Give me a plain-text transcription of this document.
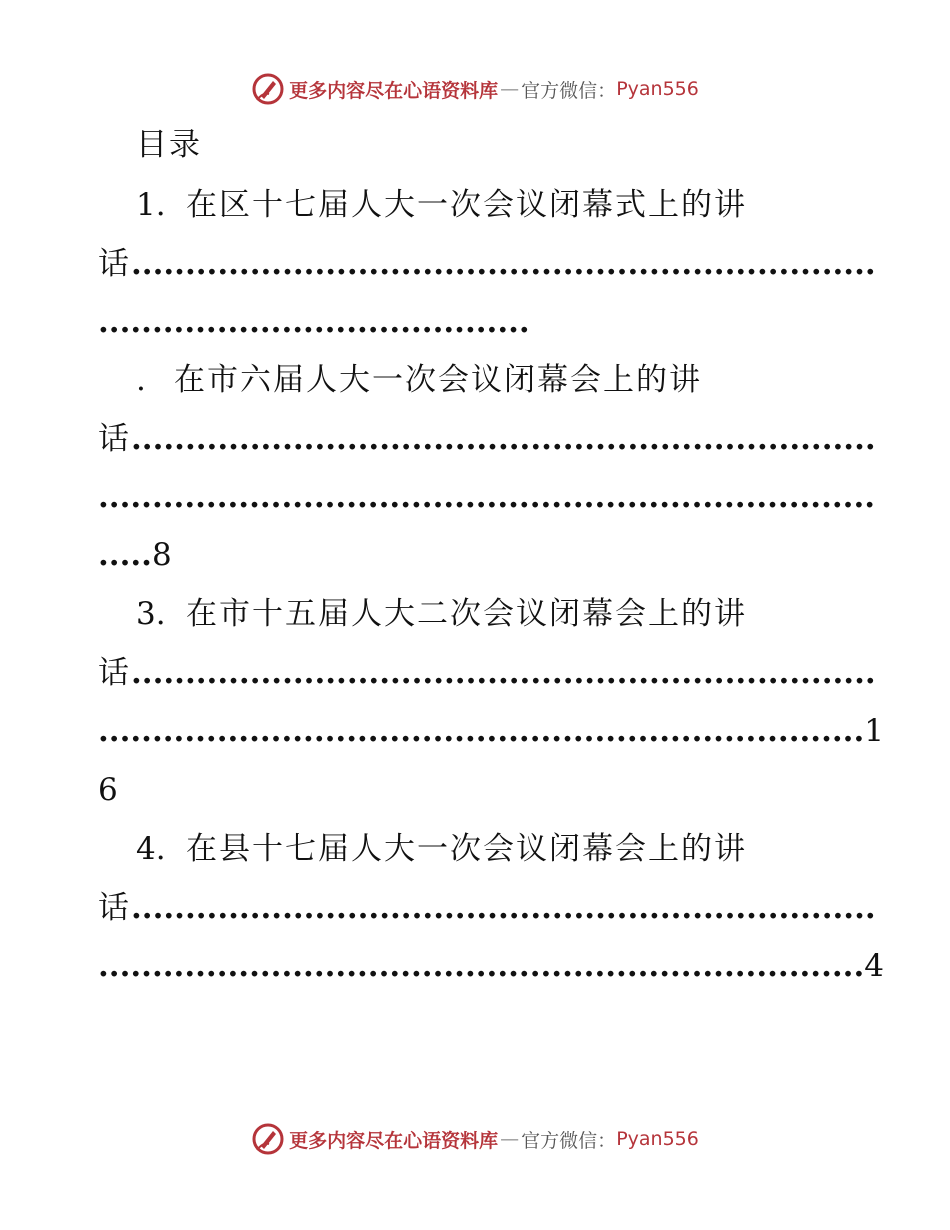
更多内容尽在心语资料库 — 官方微信： Pyan556
目录
1. 在区十七届人大一次会议闭幕式上的讲
话.....................................................................
........................................
. 在市六届人大一次会议闭幕会上的讲
话.....................................................................
........................................................................
.....8
3. 在市十五届人大二次会议闭幕会上的讲
话.....................................................................
....................................................................... 1
6
4. 在县十七届人大一次会议闭幕会上的讲
话.....................................................................
....................................................................... 4
更多内容尽在心语资料库 — 官方微信： Pyan556
